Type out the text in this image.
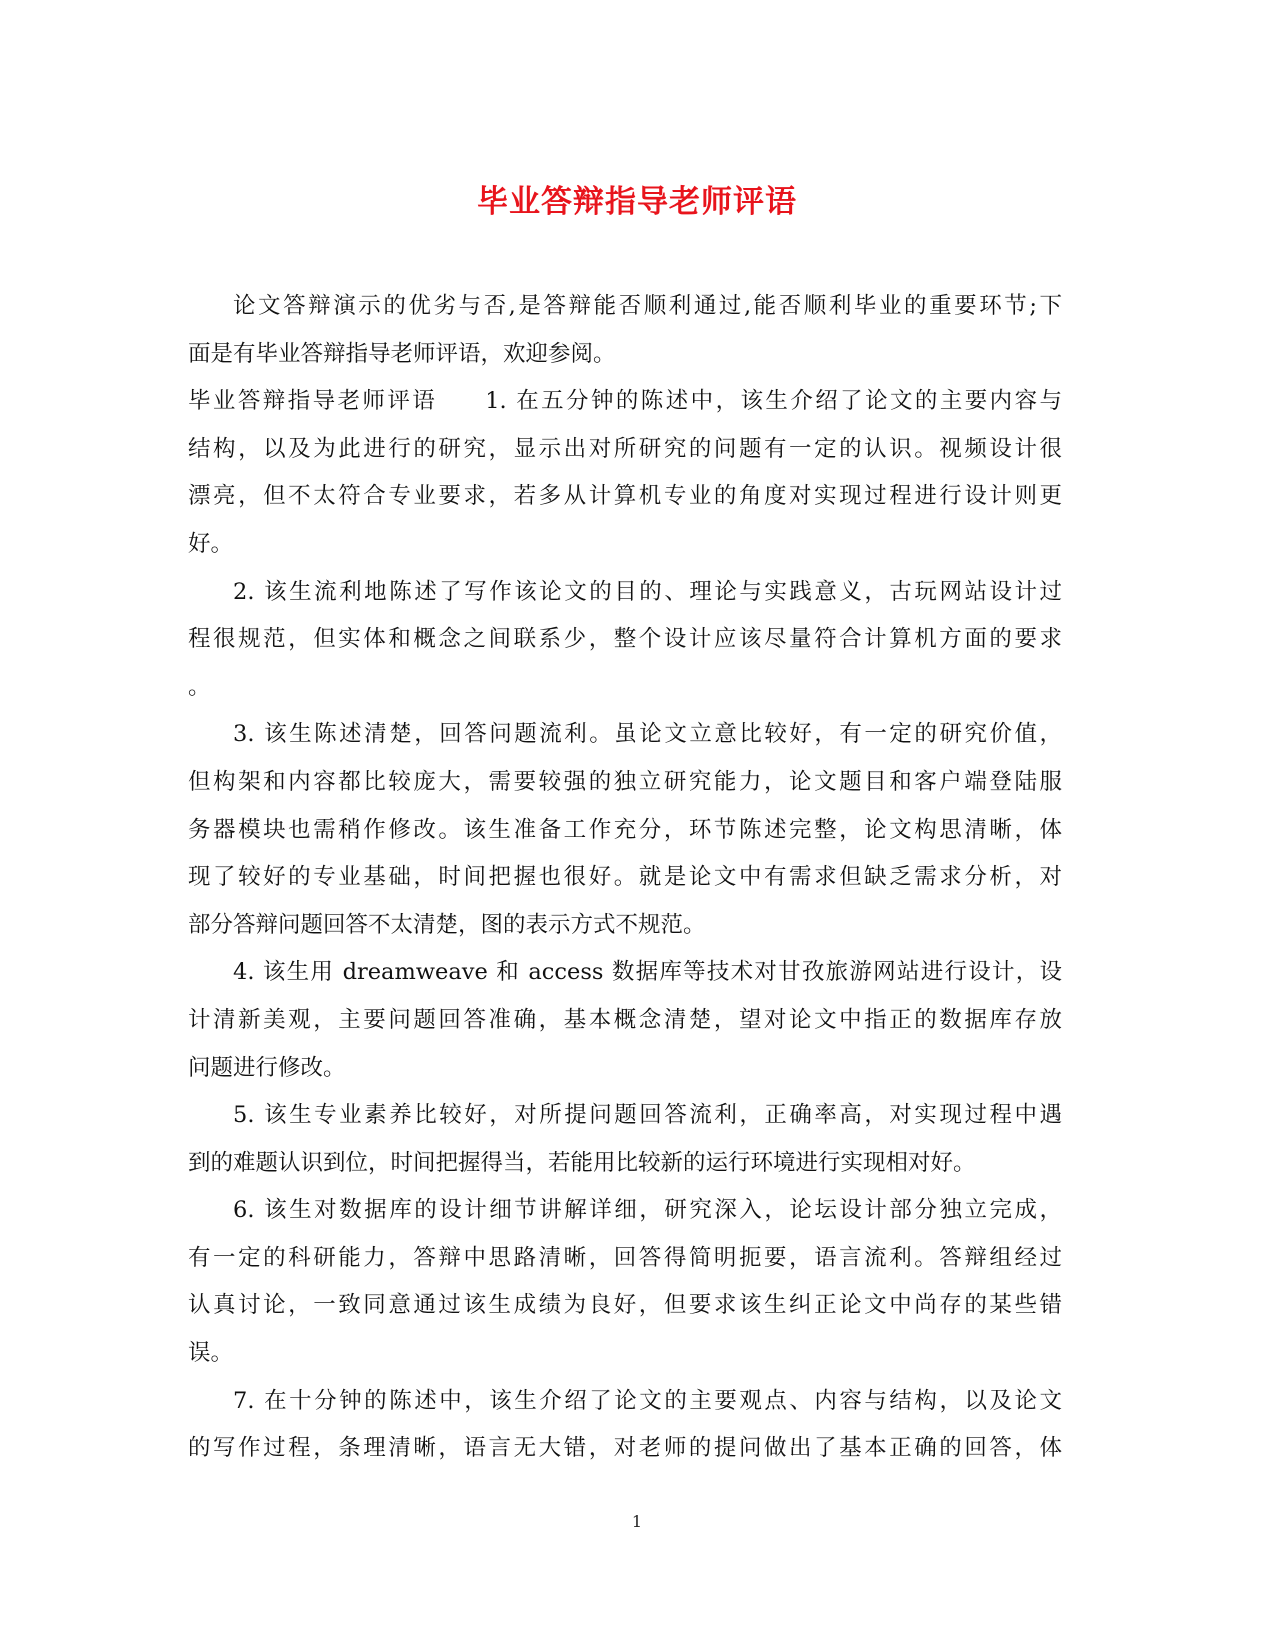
毕业答辩指导老师评语

论文答辩演示的优劣与否,是答辩能否顺利通过,能否顺利毕业的重要环节;下
面是有毕业答辩指导老师评语，欢迎参阅。

毕业答辩指导老师评语 1. 在五分钟的陈述中，该生介绍了论文的主要内容与
结构，以及为此进行的研究，显示出对所研究的问题有一定的认识。视频设计很
漂亮，但不太符合专业要求，若多从计算机专业的角度对实现过程进行设计则更
好。

2. 该生流利地陈述了写作该论文的目的、理论与实践意义，古玩网站设计过
程很规范，但实体和概念之间联系少，整个设计应该尽量符合计算机方面的要求
。

3. 该生陈述清楚，回答问题流利。虽论文立意比较好，有一定的研究价值，
但构架和内容都比较庞大，需要较强的独立研究能力，论文题目和客户端登陆服
务器模块也需稍作修改。该生准备工作充分，环节陈述完整，论文构思清晰，体
现了较好的专业基础，时间把握也很好。就是论文中有需求但缺乏需求分析，对
部分答辩问题回答不太清楚，图的表示方式不规范。

4. 该生用 dreamweave 和 access 数据库等技术对甘孜旅游网站进行设计，设
计清新美观，主要问题回答准确，基本概念清楚，望对论文中指正的数据库存放
问题进行修改。

5. 该生专业素养比较好，对所提问题回答流利，正确率高，对实现过程中遇
到的难题认识到位，时间把握得当，若能用比较新的运行环境进行实现相对好。

6. 该生对数据库的设计细节讲解详细，研究深入，论坛设计部分独立完成，
有一定的科研能力，答辩中思路清晰，回答得简明扼要，语言流利。答辩组经过
认真讨论，一致同意通过该生成绩为良好，但要求该生纠正论文中尚存的某些错
误。

7. 在十分钟的陈述中，该生介绍了论文的主要观点、内容与结构，以及论文
的写作过程，条理清晰，语言无大错，对老师的提问做出了基本正确的回答，体

1
